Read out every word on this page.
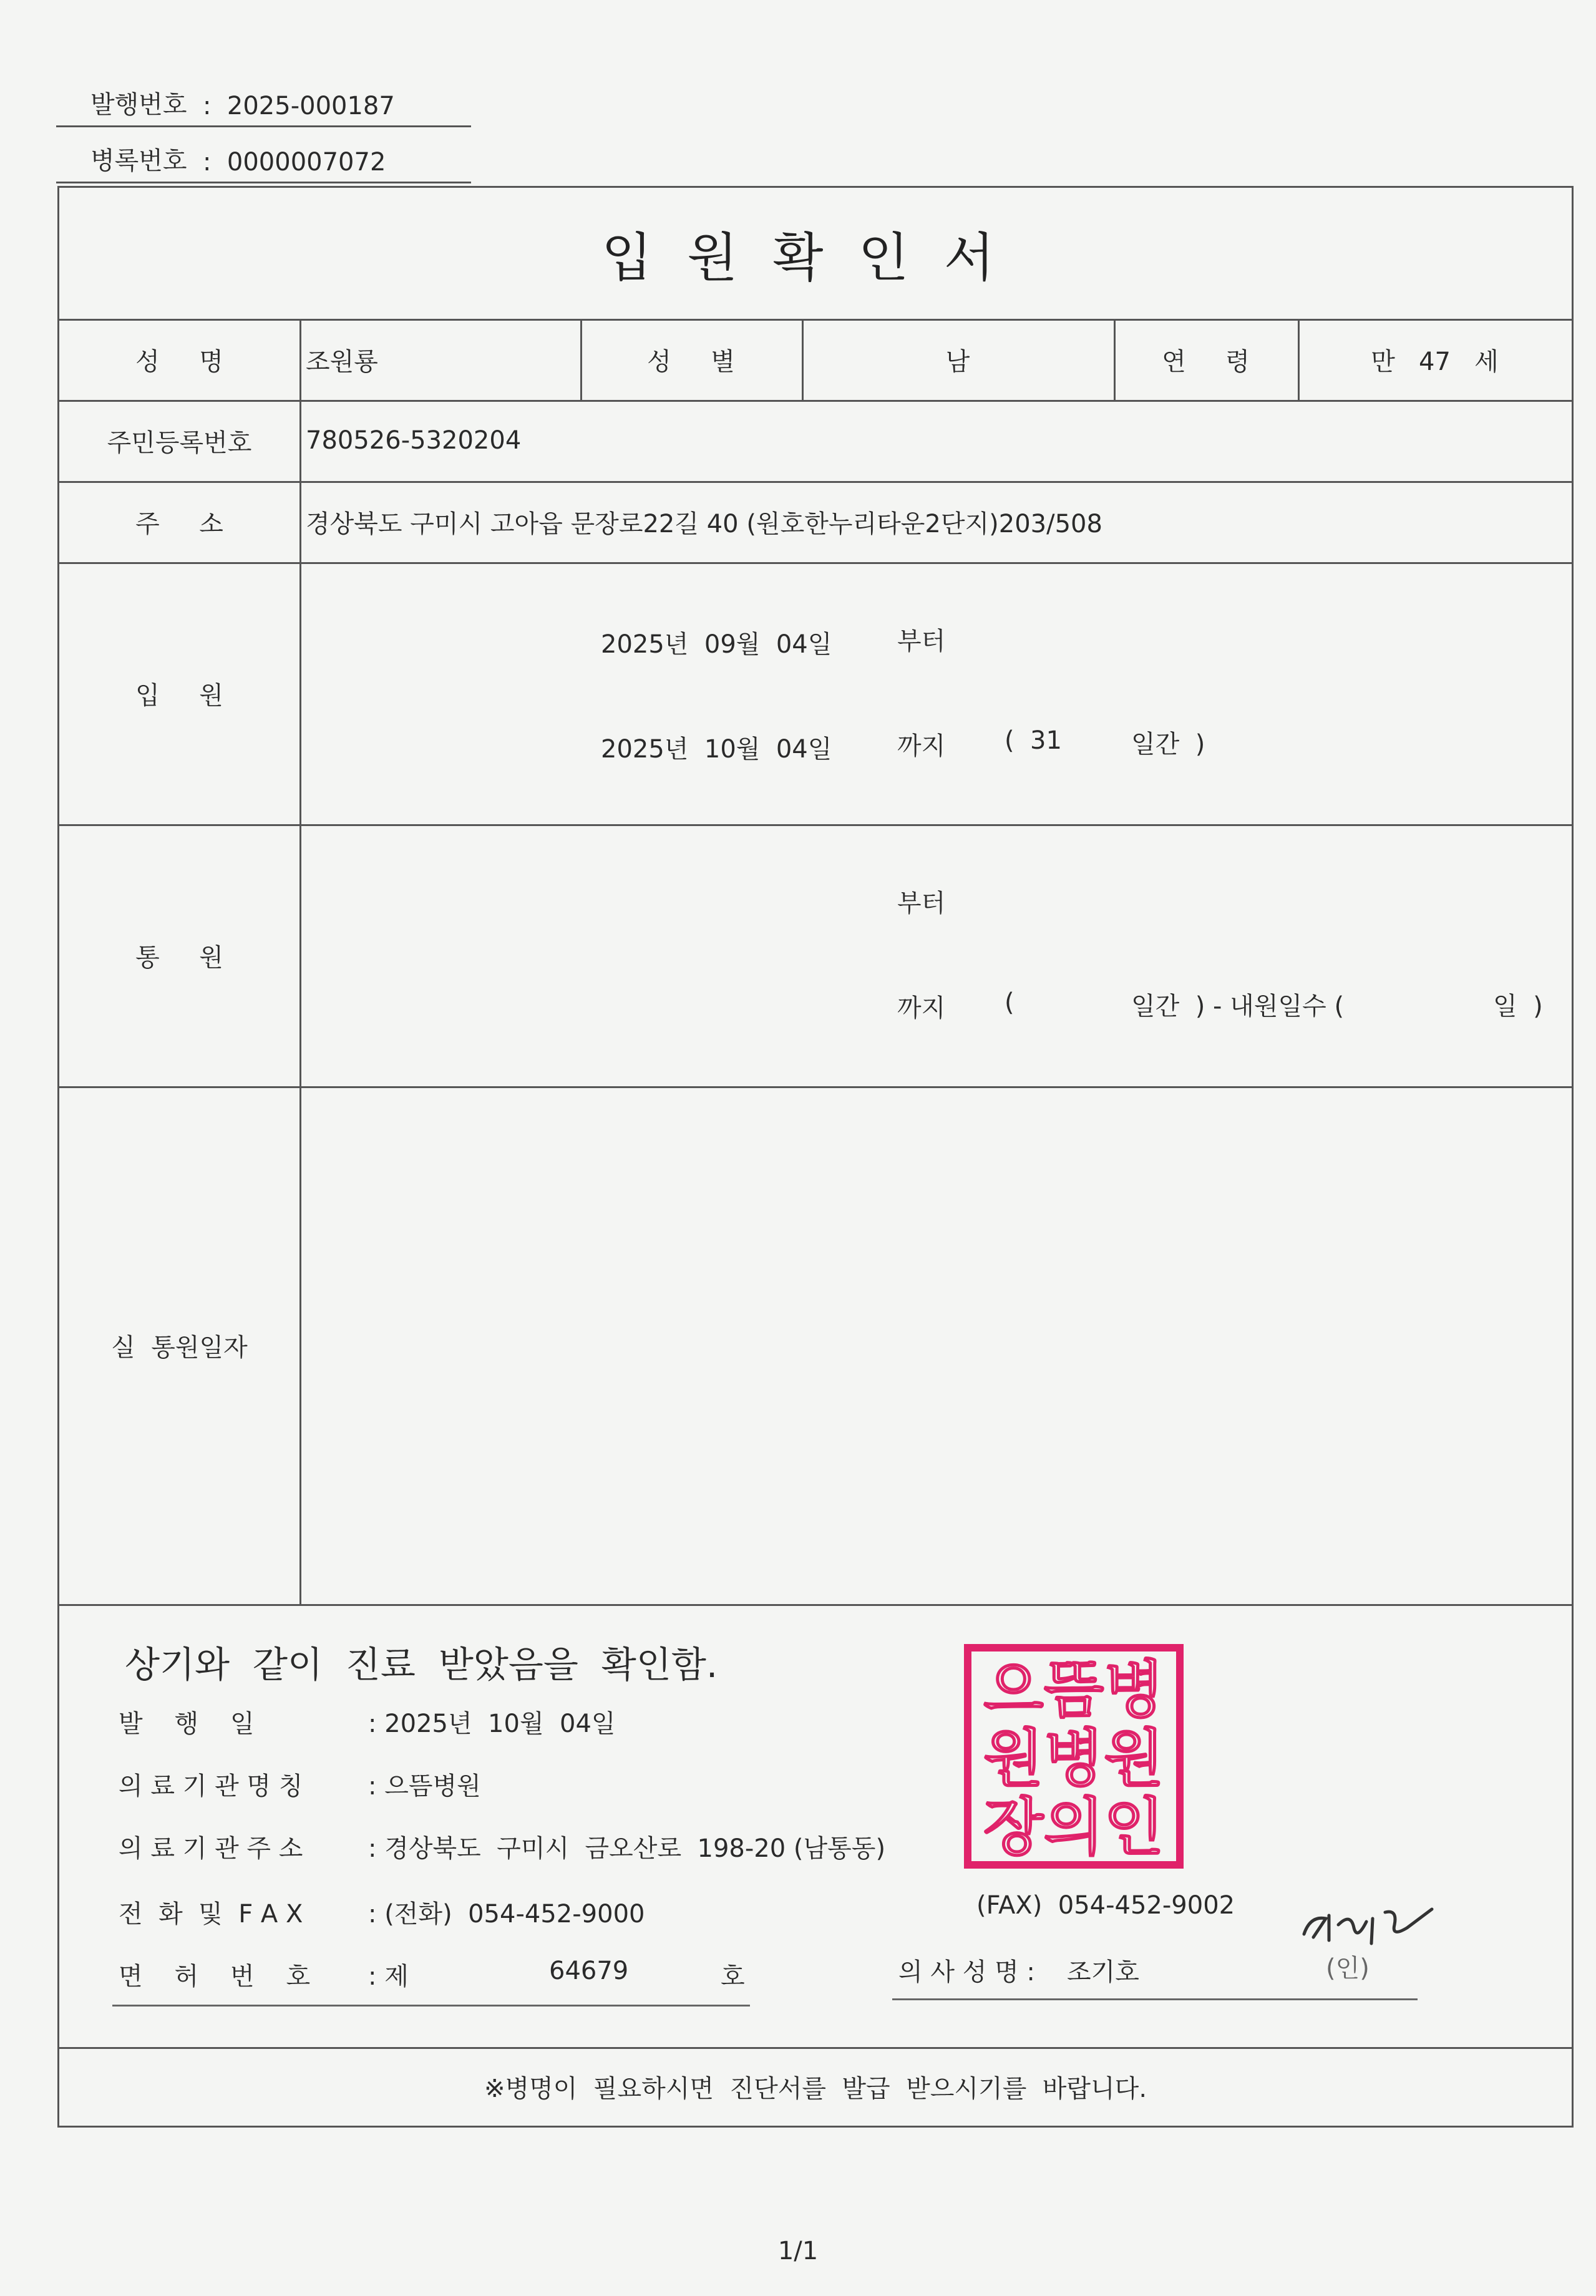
발행번호 : 2025-000187
병록번호 : 0000007072
입원확인서
성     명	조원룡	성     별	남	연     령	만   47   세
주민등록번호	780526-5320204
주     소	경상북도 구미시 고아읍 문장로22길 40 (원호한누리타운2단지)203/508
입     원
2025년  09월  04일	부터
2025년  10월  04일	까지 (  31	일간  )
통     원
부터
까지 (	일간  ) - 내원일수 (	일  )
실  통원일자
상기와  같이  진료  받았음을  확인함.
발    행    일	: 2025년  10월  04일
의 료 기 관 명 칭	: 으뜸병원
의 료 기 관 주 소	: 경상북도  구미시  금오산로  198-20 (남통동)
전  화  및  F A X	: (전화)  054-452-9000	(FAX)  054-452-9002
면    허    번    호 : 제	64679	호	의 사 성 명 : 조기호	(인)
※병명이  필요하시면  진단서를  발급  받으시기를  바랍니다.
으뜸병
원병원
장의인
1/1
